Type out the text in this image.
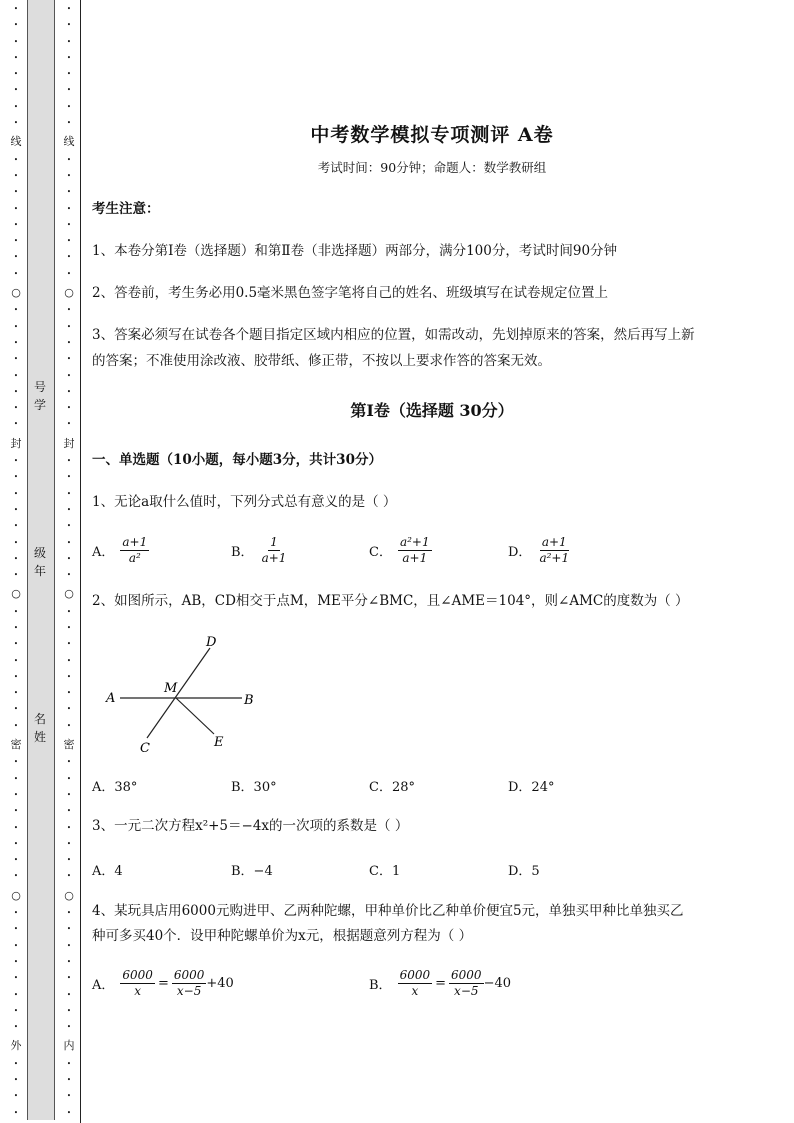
•
•
•
•
•
•
•
•
线
•
•
•
•
•
•
•
•
○
•
•
•
•
•
•
•
•
封
•
•
•
•
•
•
•
•
○
•
•
•
•
•
•
•
•
密
•
•
•
•
•
•
•
•
○
•
•
•
•
•
•
•
•
外
•
•
•
•
•
•
•
•
•
•
•
•
线
•
•
•
•
•
•
•
•
○
•
•
•
•
•
•
•
•
封
•
•
•
•
•
•
•
•
○
•
•
•
•
•
•
•
•
密
•
•
•
•
•
•
•
•
○
•
•
•
•
•
•
•
•
内
•
•
•
•
号
学
级
年
名
姓
中考数学模拟专项测评 A卷
考试时间：90分钟；命题人：数学教研组
考生注意：
1、本卷分第Ⅰ卷（选择题）和第Ⅱ卷（非选择题）两部分，满分100分，考试时间90分钟
2、答卷前，考生务必用0.5毫米黑色签字笔将自己的姓名、班级填写在试卷规定位置上
3、答案必须写在试卷各个题目指定区域内相应的位置，如需改动，先划掉原来的答案，然后再写上新
的答案；不准使用涂改液、胶带纸、修正带，不按以上要求作答的答案无效。
第Ⅰ卷（选择题 30分）
一、单选题（10小题，每小题3分，共计30分）
1、无论a取什么值时，下列分式总有意义的是（ ）
A． $\frac{a+1}{\text{a²}}$	B． $\frac{1}{a+1}$	C． $\frac{\text{a²+1}}{a+1}$	D． $\frac{a+1}{\text{a²+1}}$
2、如图所示，AB，CD相交于点M，ME平分∠BMC，且∠AME＝104°，则∠AMC的度数为（ ）
A
M
B
C
D
E
A．38°	B．30°	C．28°	D．24°
3、一元二次方程x²+5＝−4x的一次项的系数是（ ）
A．4	B．−4	C．1	D．5
4、某玩具店用6000元购进甲、乙两种陀螺，甲种单价比乙种单价便宜5元，单独买甲种比单独买乙
种可多买40个．设甲种陀螺单价为x元，根据题意列方程为（ ）
A． $\frac{6000}{x} = \frac{6000}{x-5} +40$	B． $\frac{6000}{x} = \frac{6000}{x-5} -40$
